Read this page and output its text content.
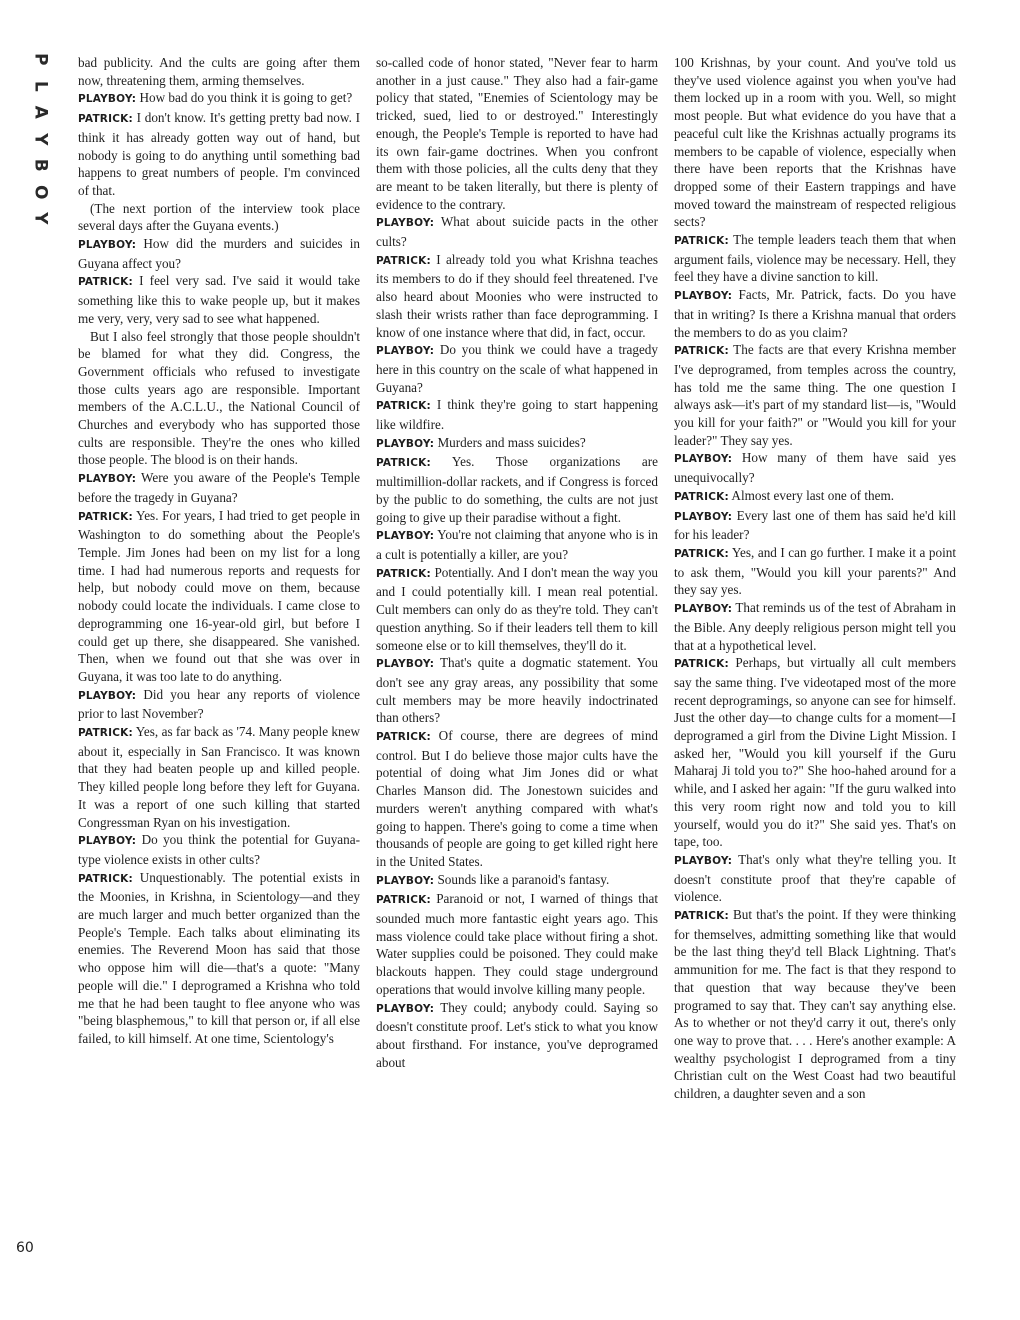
P
L
A
Y
B
O
Y
60

bad publicity. And the cults are going after them now, threatening them, arming themselves.

PLAYBOY: How bad do you think it is going to get?

PATRICK: I don't know. It's getting pretty bad now. I think it has already gotten way out of hand, but nobody is going to do anything until something bad happens to great numbers of people. I'm convinced of that.

(The next portion of the interview took place several days after the Guyana events.)

PLAYBOY: How did the murders and suicides in Guyana affect you?

PATRICK: I feel very sad. I've said it would take something like this to wake people up, but it makes me very, very, very sad to see what happened.

But I also feel strongly that those people shouldn't be blamed for what they did. Congress, the Government officials who refused to investigate those cults years ago are responsible. Important members of the A.C.L.U., the National Council of Churches and everybody who has supported those cults are responsible. They're the ones who killed those people. The blood is on their hands.

PLAYBOY: Were you aware of the People's Temple before the tragedy in Guyana?

PATRICK: Yes. For years, I had tried to get people in Washington to do something about the People's Temple. Jim Jones had been on my list for a long time. I had had numerous reports and requests for help, but nobody could move on them, because nobody could locate the individuals. I came close to deprogramming one 16-year-old girl, but before I could get up there, she disappeared. She vanished. Then, when we found out that she was over in Guyana, it was too late to do anything.

PLAYBOY: Did you hear any reports of violence prior to last November?

PATRICK: Yes, as far back as '74. Many people knew about it, especially in San Francisco. It was known that they had beaten people up and killed people. They killed people long before they left for Guyana. It was a report of one such killing that started Congressman Ryan on his investigation.

PLAYBOY: Do you think the potential for Guyana-type violence exists in other cults?

PATRICK: Unquestionably. The potential exists in the Moonies, in Krishna, in Scientology—and they are much larger and much better organized than the People's Temple. Each talks about eliminating its enemies. The Reverend Moon has said that those who oppose him will die—that's a quote: "Many people will die." I deprogramed a Krishna who told me that he had been taught to flee anyone who was "being blasphemous," to kill that person or, if all else failed, to kill himself. At one time, Scientology's

so-called code of honor stated, "Never fear to harm another in a just cause." They also had a fair-game policy that stated, "Enemies of Scientology may be tricked, sued, lied to or destroyed." Interestingly enough, the People's Temple is reported to have had its own fair-game doctrines. When you confront them with those policies, all the cults deny that they are meant to be taken literally, but there is plenty of evidence to the contrary.

PLAYBOY: What about suicide pacts in the other cults?

PATRICK: I already told you what Krishna teaches its members to do if they should feel threatened. I've also heard about Moonies who were instructed to slash their wrists rather than face deprogramming. I know of one instance where that did, in fact, occur.

PLAYBOY: Do you think we could have a tragedy here in this country on the scale of what happened in Guyana?

PATRICK: I think they're going to start happening like wildfire.

PLAYBOY: Murders and mass suicides?

PATRICK: Yes. Those organizations are multimillion-dollar rackets, and if Congress is forced by the public to do something, the cults are not just going to give up their paradise without a fight.

PLAYBOY: You're not claiming that anyone who is in a cult is potentially a killer, are you?

PATRICK: Potentially. And I don't mean the way you and I could potentially kill. I mean real potential. Cult members can only do as they're told. They can't question anything. So if their leaders tell them to kill someone else or to kill themselves, they'll do it.

PLAYBOY: That's quite a dogmatic statement. You don't see any gray areas, any possibility that some cult members may be more heavily indoctrinated than others?

PATRICK: Of course, there are degrees of mind control. But I do believe those major cults have the potential of doing what Jim Jones did or what Charles Manson did. The Jonestown suicides and murders weren't anything compared with what's going to happen. There's going to come a time when thousands of people are going to get killed right here in the United States.

PLAYBOY: Sounds like a paranoid's fantasy.

PATRICK: Paranoid or not, I warned of things that sounded much more fantastic eight years ago. This mass violence could take place without firing a shot. Water supplies could be poisoned. They could make blackouts happen. They could stage underground operations that would involve killing many people.

PLAYBOY: They could; anybody could. Saying so doesn't constitute proof. Let's stick to what you know about firsthand. For instance, you've deprogramed about

100 Krishnas, by your count. And you've told us they've used violence against you when you've had them locked up in a room with you. Well, so might most people. But what evidence do you have that a peaceful cult like the Krishnas actually programs its members to be capable of violence, especially when there have been reports that the Krishnas have dropped some of their Eastern trappings and have moved toward the mainstream of respected religious sects?

PATRICK: The temple leaders teach them that when argument fails, violence may be necessary. Hell, they feel they have a divine sanction to kill.

PLAYBOY: Facts, Mr. Patrick, facts. Do you have that in writing? Is there a Krishna manual that orders the members to do as you claim?

PATRICK: The facts are that every Krishna member I've deprogramed, from temples across the country, has told me the same thing. The one question I always ask—it's part of my standard list—is, "Would you kill for your faith?" or "Would you kill for your leader?" They say yes.

PLAYBOY: How many of them have said yes unequivocally?

PATRICK: Almost every last one of them.

PLAYBOY: Every last one of them has said he'd kill for his leader?

PATRICK: Yes, and I can go further. I make it a point to ask them, "Would you kill your parents?" And they say yes.

PLAYBOY: That reminds us of the test of Abraham in the Bible. Any deeply religious person might tell you that at a hypothetical level.

PATRICK: Perhaps, but virtually all cult members say the same thing. I've videotaped most of the more recent deprogramings, so anyone can see for himself. Just the other day—to change cults for a moment—I deprogramed a girl from the Divine Light Mission. I asked her, "Would you kill yourself if the Guru Maharaj Ji told you to?" She hoo-hahed around for a while, and I asked her again: "If the guru walked into this very room right now and told you to kill yourself, would you do it?" She said yes. That's on tape, too.

PLAYBOY: That's only what they're telling you. It doesn't constitute proof that they're capable of violence.

PATRICK: But that's the point. If they were thinking for themselves, admitting something like that would be the last thing they'd tell Black Lightning. That's ammunition for me. The fact is that they respond to that question that way because they've been programed to say that. They can't say anything else. As to whether or not they'd carry it out, there's only one way to prove that. . . . Here's another example: A wealthy psychologist I deprogramed from a tiny Christian cult on the West Coast had two beautiful children, a daughter seven and a son
